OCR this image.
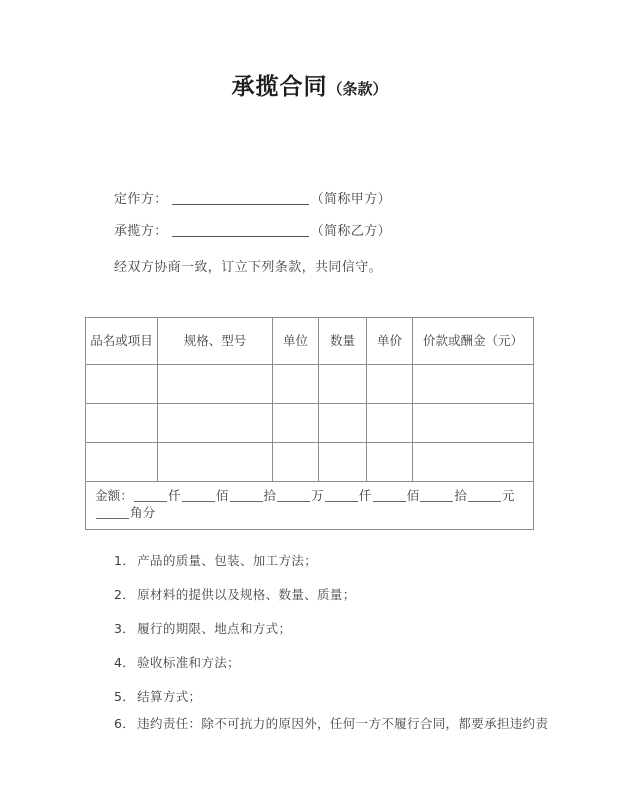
承揽合同（条款）
定作方：	（简称甲方）
承揽方：	（简称乙方）
经双方协商一致，订立下列条款，共同信守。
品名或项目	规格、型号	单位	数量	单价	价款或酬金（元）

金额： 仟 佰 拾 万 仟 佰 拾 元角分					
1． 产品的质量、包装、加工方法；
2． 原材料的提供以及规格、数量、质量；
3． 履行的期限、地点和方式；
4． 验收标准和方法；
5． 结算方式；
6． 违约责任：除不可抗力的原因外，任何一方不履行合同，都要承担违约责
